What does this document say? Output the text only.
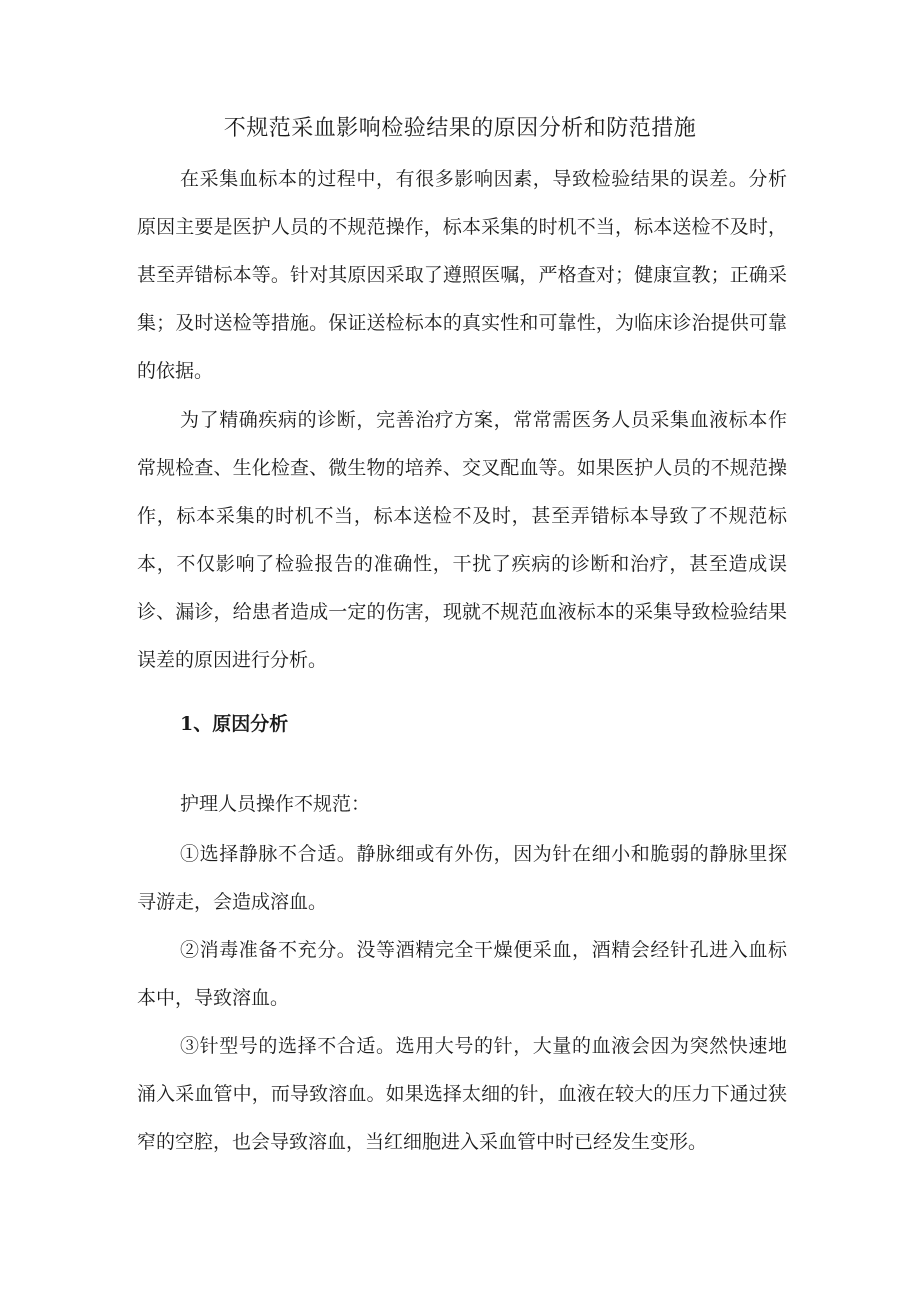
不规范采血影响检验结果的原因分析和防范措施

在采集血标本的过程中，有很多影响因素，导致检验结果的误差。分析原因主要是医护人员的不规范操作，标本采集的时机不当，标本送检不及时，甚至弄错标本等。针对其原因采取了遵照医嘱，严格查对；健康宣教；正确采集；及时送检等措施。保证送检标本的真实性和可靠性，为临床诊治提供可靠的依据。

为了精确疾病的诊断，完善治疗方案，常常需医务人员采集血液标本作常规检查、生化检查、微生物的培养、交叉配血等。如果医护人员的不规范操作，标本采集的时机不当，标本送检不及时，甚至弄错标本导致了不规范标本，不仅影响了检验报告的准确性，干扰了疾病的诊断和治疗，甚至造成误诊、漏诊，给患者造成一定的伤害，现就不规范血液标本的采集导致检验结果误差的原因进行分析。

1、原因分析

护理人员操作不规范：

①选择静脉不合适。静脉细或有外伤，因为针在细小和脆弱的静脉里探寻游走，会造成溶血。

②消毒准备不充分。没等酒精完全干燥便采血，酒精会经针孔进入血标本中，导致溶血。

③针型号的选择不合适。选用大号的针，大量的血液会因为突然快速地涌入采血管中，而导致溶血。如果选择太细的针，血液在较大的压力下通过狭窄的空腔，也会导致溶血，当红细胞进入采血管中时已经发生变形。
